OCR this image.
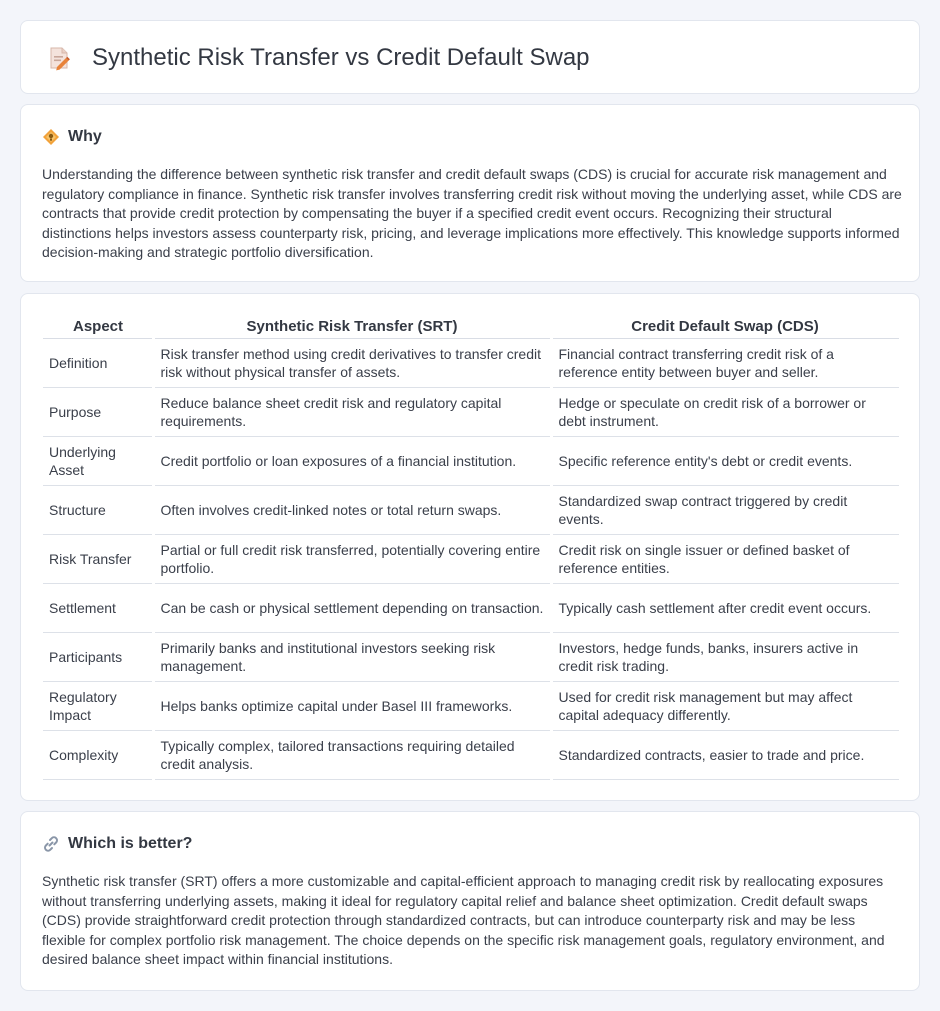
Synthetic Risk Transfer vs Credit Default Swap
Why

Understanding the difference between synthetic risk transfer and credit default swaps (CDS) is crucial for accurate risk management and regulatory compliance in finance. Synthetic risk transfer involves transferring credit risk without moving the underlying asset, while CDS are contracts that provide credit protection by compensating the buyer if a specified credit event occurs. Recognizing their structural distinctions helps investors assess counterparty risk, pricing, and leverage implications more effectively. This knowledge supports informed decision-making and strategic portfolio diversification.

Aspect	Synthetic Risk Transfer (SRT)	Credit Default Swap (CDS)
Definition	Risk transfer method using credit derivatives to transfer credit risk without physical transfer of assets.	Financial contract transferring credit risk of a reference entity between buyer and seller.
Purpose	Reduce balance sheet credit risk and regulatory capital requirements.	Hedge or speculate on credit risk of a borrower or debt instrument.
Underlying Asset	Credit portfolio or loan exposures of a financial institution.	Specific reference entity's debt or credit events.
Structure	Often involves credit-linked notes or total return swaps.	Standardized swap contract triggered by credit events.
Risk Transfer	Partial or full credit risk transferred, potentially covering entire portfolio.	Credit risk on single issuer or defined basket of reference entities.
Settlement	Can be cash or physical settlement depending on transaction.	Typically cash settlement after credit event occurs.
Participants	Primarily banks and institutional investors seeking risk management.	Investors, hedge funds, banks, insurers active in credit risk trading.
Regulatory Impact	Helps banks optimize capital under Basel III frameworks.	Used for credit risk management but may affect capital adequacy differently.
Complexity	Typically complex, tailored transactions requiring detailed credit analysis.	Standardized contracts, easier to trade and price.
Which is better?

Synthetic risk transfer (SRT) offers a more customizable and capital-efficient approach to managing credit risk by reallocating exposures without transferring underlying assets, making it ideal for regulatory capital relief and balance sheet optimization. Credit default swaps (CDS) provide straightforward credit protection through standardized contracts, but can introduce counterparty risk and may be less flexible for complex portfolio risk management. The choice depends on the specific risk management goals, regulatory environment, and desired balance sheet impact within financial institutions.
